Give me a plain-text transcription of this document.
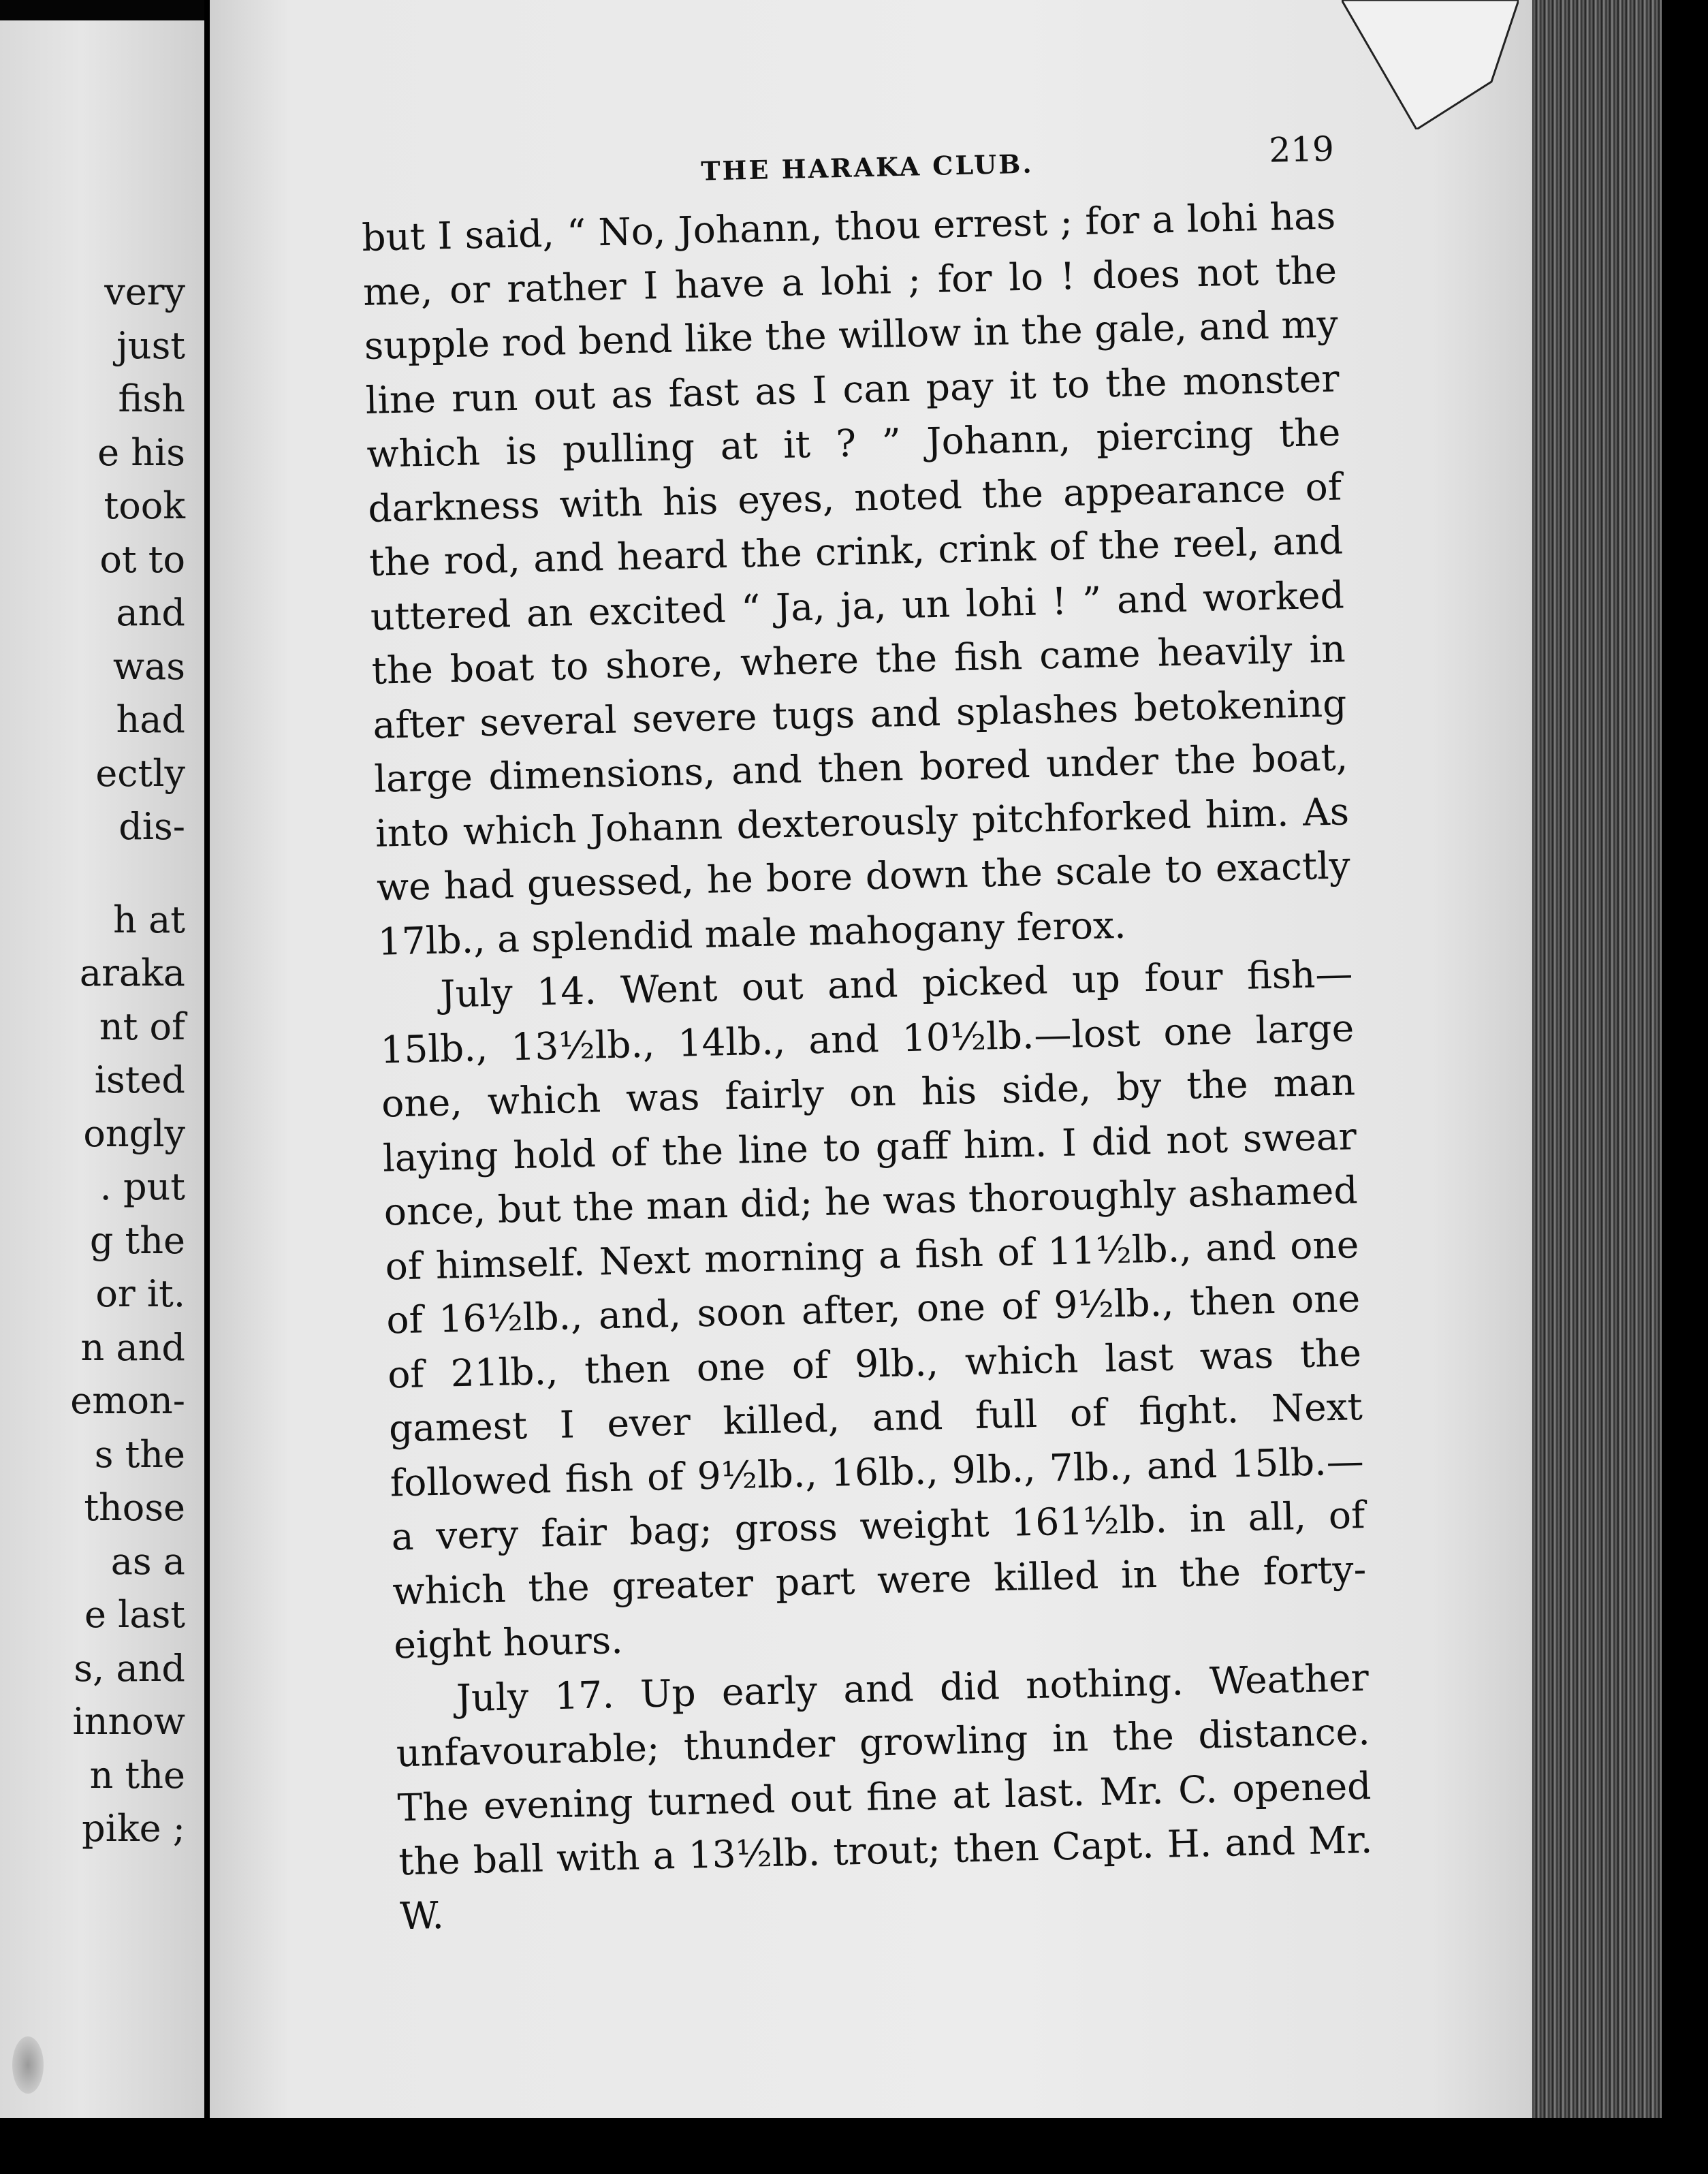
very
just
fish
e his
took
ot to
and
was
had
ectly
dis-
h at
araka
nt of
isted
ongly
. put
g the
or it.
n and
emon-
s the
those
as a
e last
s, and
innow
n the
pike ;
THE HARAKA CLUB.	219

but I said, “ No, Johann, thou errest ; for a lohi has me, or rather I have a lohi ; for lo ! does not the supple rod bend like the willow in the gale, and my line run out as fast as I can pay it to the monster which is pulling at it ? ” Johann, piercing the darkness with his eyes, noted the appearance of the rod, and heard the crink, crink of the reel, and uttered an excited “ Ja, ja, un lohi ! ” and worked the boat to shore, where the fish came heavily in after several severe tugs and splashes betokening large dimensions, and then bored under the boat, into which Johann dexterously pitchforked him. As we had guessed, he bore down the scale to exactly 17lb., a splendid male mahogany ferox.

July 14. Went out and picked up four fish—15lb., 13½lb., 14lb., and 10½lb.—lost one large one, which was fairly on his side, by the man laying hold of the line to gaff him. I did not swear once, but the man did; he was thoroughly ashamed of himself. Next morning a fish of 11½lb., and one of 16½lb., and, soon after, one of 9½lb., then one of 21lb., then one of 9lb., which last was the gamest I ever killed, and full of fight. Next followed fish of 9½lb., 16lb., 9lb., 7lb., and 15lb.—a very fair bag; gross weight 161½lb. in all, of which the greater part were killed in the forty-eight hours.

July 17. Up early and did nothing. Weather unfavourable; thunder growling in the distance. The evening turned out fine at last. Mr. C. opened the ball with a 13½lb. trout; then Capt. H. and Mr. W.
